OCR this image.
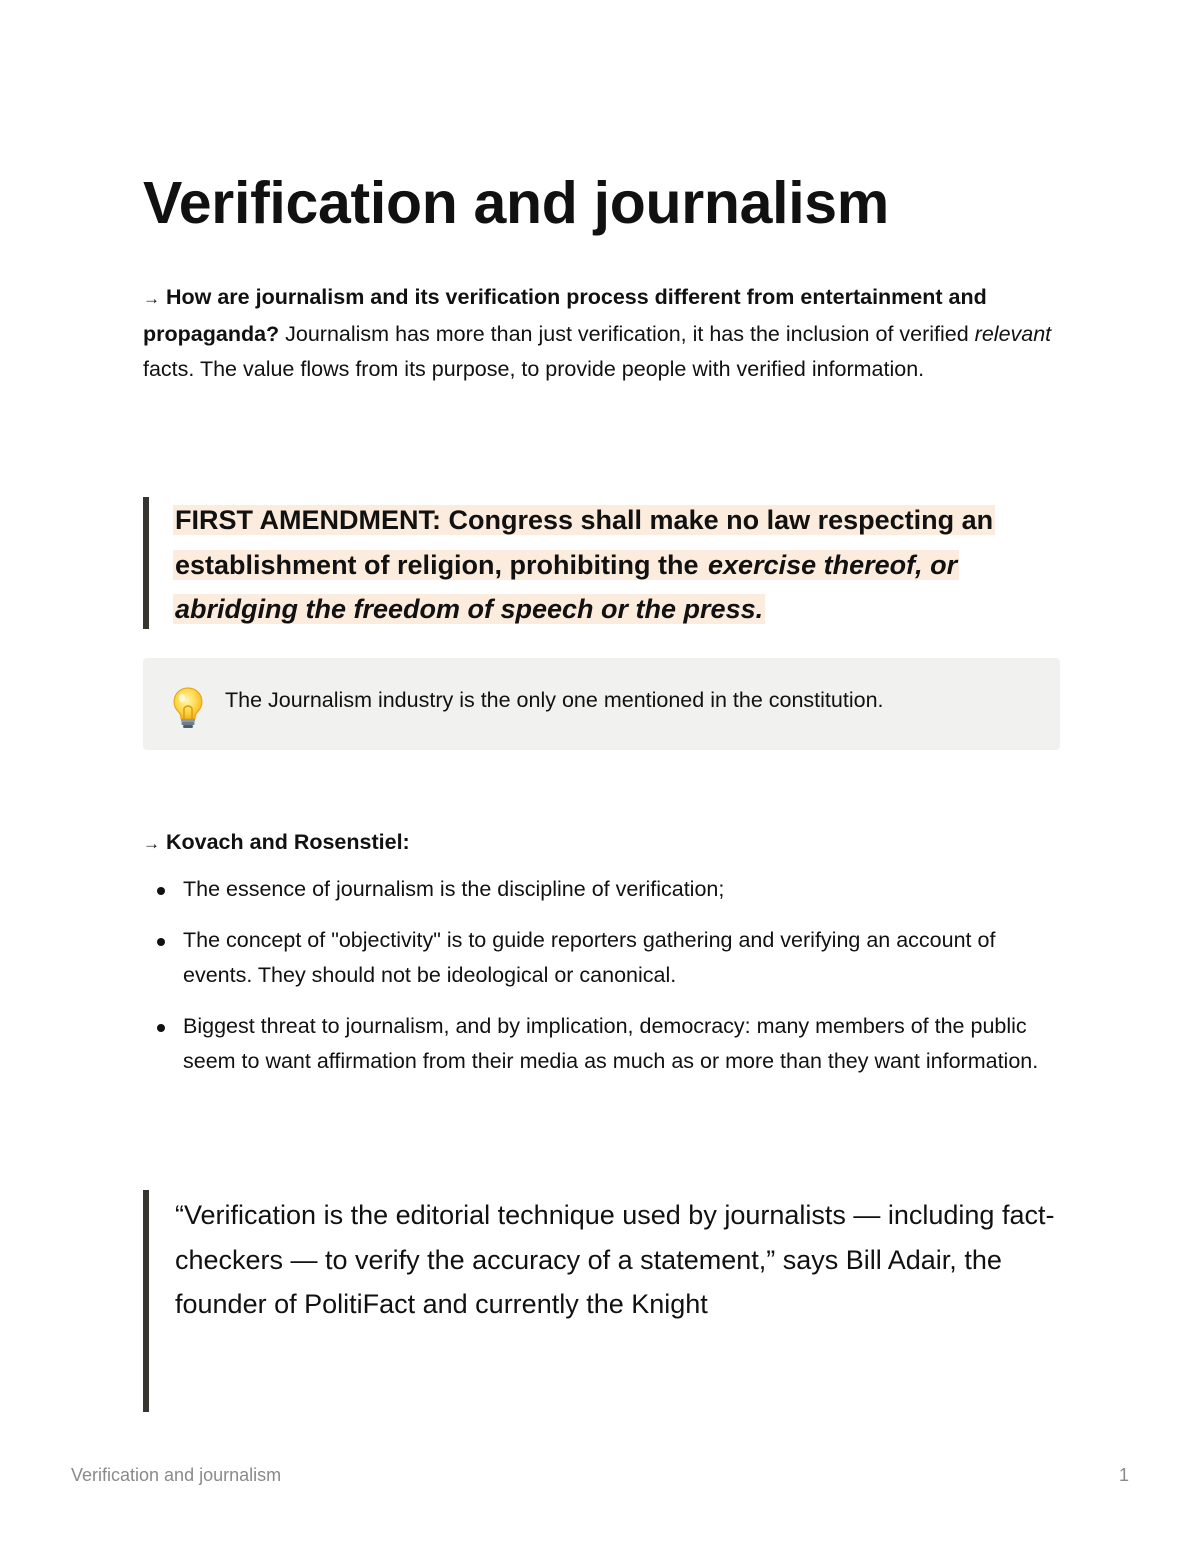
Verification and journalism

→ How are journalism and its verification process different from entertainment and propaganda? Journalism has more than just verification, it has the inclusion of verified relevant facts. The value flows from its purpose, to provide people with verified information.

FIRST AMENDMENT: Congress shall make no law respecting an establishment of religion, prohibiting the exercise thereof, or abridging the freedom of speech or the press.

The Journalism industry is the only one mentioned in the constitution.

→ Kovach and Rosenstiel:

The essence of journalism is the discipline of verification;
The concept of "objectivity" is to guide reporters gathering and verifying an account of events. They should not be ideological or canonical.
Biggest threat to journalism, and by implication, democracy: many members of the public seem to want affirmation from their media as much as or more than they want information.

“Verification is the editorial technique used by journalists — including fact-checkers — to verify the accuracy of a statement,” says Bill Adair, the founder of PolitiFact and currently the Knight

Verification and journalism	1
